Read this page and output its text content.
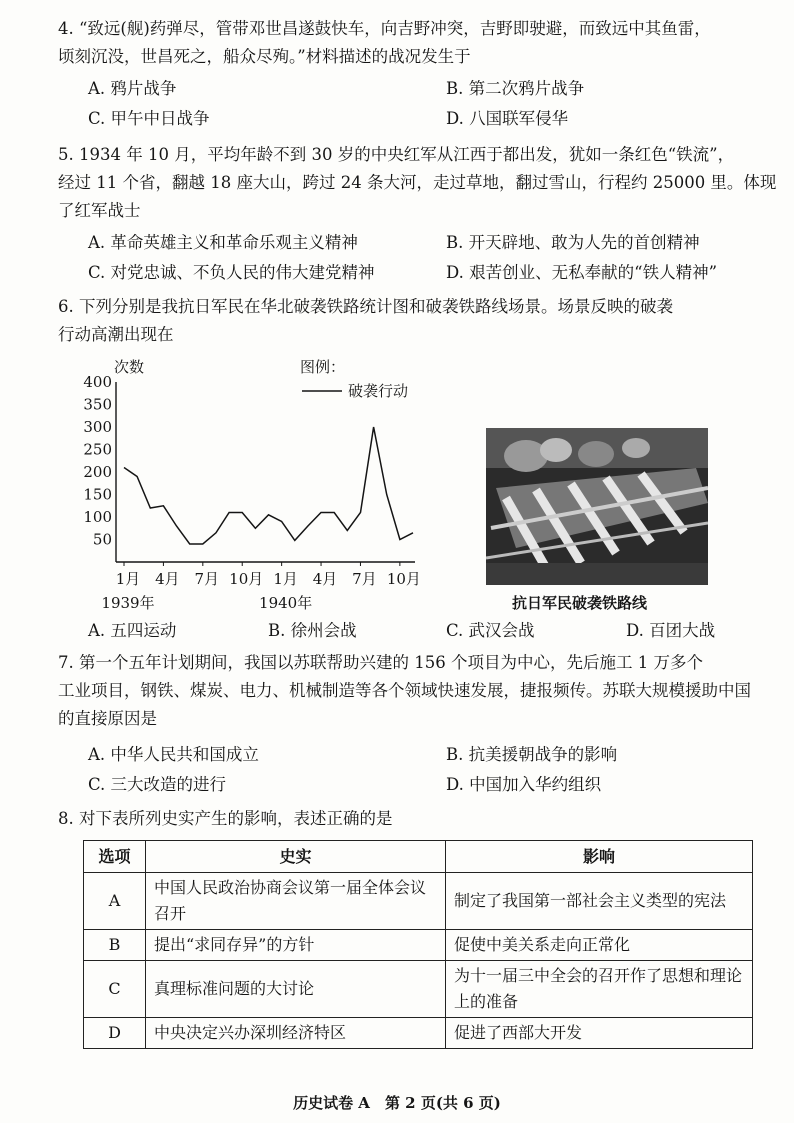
4. “致远(舰)药弹尽，管带邓世昌遂鼓快车，向吉野冲突，吉野即驶避，而致远中其鱼雷，
顷刻沉没，世昌死之，船众尽殉。”材料描述的战况发生于
A. 鸦片战争	B. 第二次鸦片战争
C. 甲午中日战争	D. 八国联军侵华
5. 1934 年 10 月，平均年龄不到 30 岁的中央红军从江西于都出发，犹如一条红色“铁流”，
经过 11 个省，翻越 18 座大山，跨过 24 条大河，走过草地，翻过雪山，行程约 25000 里。体现
了红军战士
A. 革命英雄主义和革命乐观主义精神	B. 开天辟地、敢为人先的首创精神
C. 对党忠诚、不负人民的伟大建党精神	D. 艰苦创业、无私奉献的“铁人精神”
6. 下列分别是我抗日军民在华北破袭铁路统计图和破袭铁路线场景。场景反映的破袭
行动高潮出现在
次数	图例：
破袭行动
50
100
150
200
250
300
350
400
1月 4月 7月 10月 1月 4月 7月 10月
1939年	1940年	抗日军民破袭铁路线
A. 五四运动	B. 徐州会战	C. 武汉会战	D. 百团大战
7. 第一个五年计划期间，我国以苏联帮助兴建的 156 个项目为中心，先后施工 1 万多个
工业项目，钢铁、煤炭、电力、机械制造等各个领域快速发展，捷报频传。苏联大规模援助中国
的直接原因是
A. 中华人民共和国成立	B. 抗美援朝战争的影响
C. 三大改造的进行	D. 中国加入华约组织
8. 对下表所列史实产生的影响，表述正确的是
选项	史实	影响
A	中国人民政治协商会议第一届全体会议召开	制定了我国第一部社会主义类型的宪法
B	提出“求同存异”的方针	促使中美关系走向正常化
C	真理标准问题的大讨论	为十一届三中全会的召开作了思想和理论上的准备
D	中央决定兴办深圳经济特区	促进了西部大开发
历史试卷 A　第 2 页(共 6 页)
